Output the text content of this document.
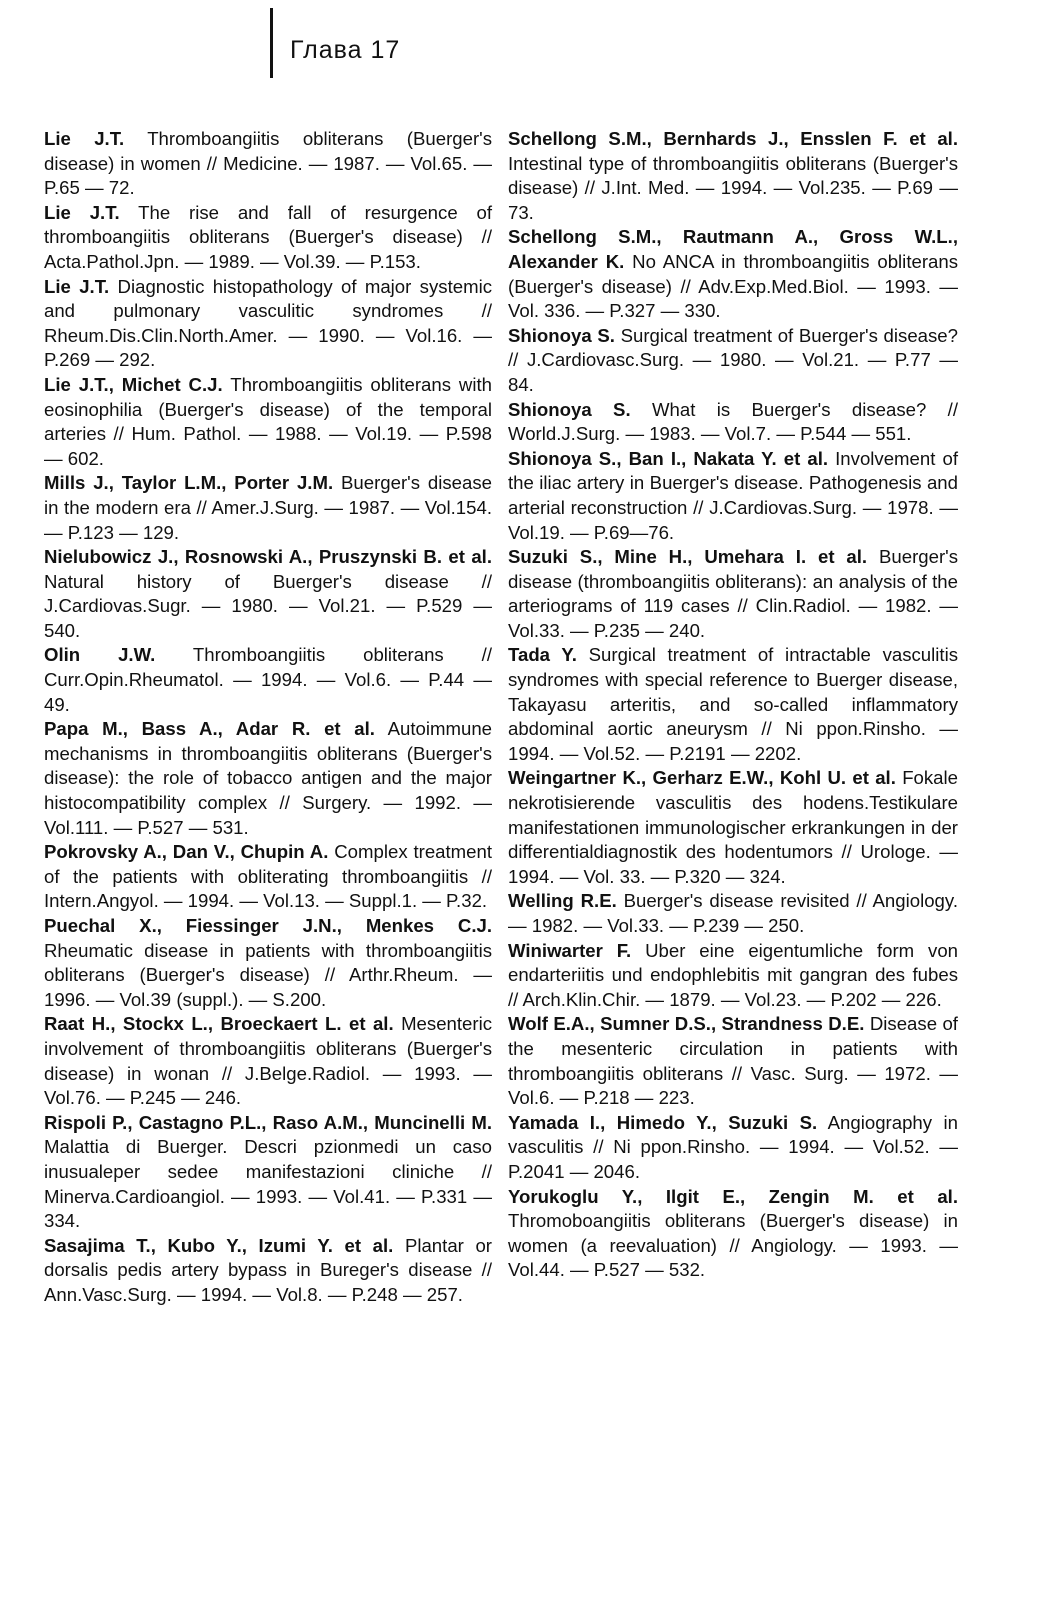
Глава 17

Lie J.T. Thromboangiitis obliterans (Buerger's disease) in women // Medicine. — 1987. — Vol.65. — P.65 — 72.

Lie J.T. The rise and fall of resurgence of thromboangiitis obliterans (Buerger's disease) // Acta.Pathol.Jpn. — 1989. — Vol.39. — P.153.

Lie J.T. Diagnostic histopathology of major systemic and pulmonary vasculitic syndromes // Rheum.Dis.Clin.North.Amer. — 1990. — Vol.16. — P.269 — 292.

Lie J.T., Michet C.J. Thromboangiitis obliterans with eosinophilia (Buerger's disease) of the temporal arteries // Hum. Pathol. — 1988. — Vol.19. — P.598 — 602.

Mills J., Taylor L.M., Porter J.M. Buerger's disease in the modern era // Amer.J.Surg. — 1987. — Vol.154. — P.123 — 129.

Nielubowicz J., Rosnowski A., Pruszynski B. et al. Natural history of Buerger's disease // J.Cardiovas.Sugr. — 1980. — Vol.21. — P.529 — 540.

Olin J.W. Thromboangiitis obliterans // Curr.Opin.Rheumatol. — 1994. — Vol.6. — P.44 — 49.

Papa M., Bass A., Adar R. et al. Autoimmune mechanisms in thromboangiitis obliterans (Buerger's disease): the role of tobacco antigen and the major histocompatibility complex // Surgery. — 1992. — Vol.111. — P.527 — 531.

Pokrovsky A., Dan V., Chupin A. Complex treatment of the patients with obliterating thromboangiitis // Intern.Angyol. — 1994. — Vol.13. — Suppl.1. — P.32.

Puechal X., Fiessinger J.N., Menkes C.J. Rheumatic disease in patients with thromboangiitis obliterans (Buerger's disease) // Arthr.Rheum. — 1996. — Vol.39 (suppl.). — S.200.

Raat H., Stockx L., Broeckaert L. et al. Mesenteric involvement of thromboangiitis obliterans (Buerger's disease) in wonan // J.Belge.Radiol. — 1993. — Vol.76. — P.245 — 246.

Rispoli P., Castagno P.L., Raso A.M., Muncinelli M. Malattia di Buerger. Descri pzionmedi un caso inusualeper sedee manifestazioni cliniche // Minerva.Cardioangiol. — 1993. — Vol.41. — P.331 — 334.

Sasajima T., Kubo Y., Izumi Y. et al. Plantar or dorsalis pedis artery bypass in Bureger's disease // Ann.Vasc.Surg. — 1994. — Vol.8. — P.248 — 257.

Schellong S.M., Bernhards J., Ensslen F. et al. Intestinal type of thromboangiitis obliterans (Buerger's disease) // J.Int. Med. — 1994. — Vol.235. — P.69 — 73.

Schellong S.M., Rautmann A., Gross W.L., Alexander K. No ANCA in thromboangiitis obliterans (Buerger's disease) // Adv.Exp.Med.Biol. — 1993. — Vol. 336. — P.327 — 330.

Shionoya S. Surgical treatment of Buerger's disease? // J.Cardiovasc.Surg. — 1980. — Vol.21. — P.77 — 84.

Shionoya S. What is Buerger's disease? // World.J.Surg. — 1983. — Vol.7. — P.544 — 551.

Shionoya S., Ban I., Nakata Y. et al. Involvement of the iliac artery in Buerger's disease. Pathogenesis and arterial reconstruction // J.Cardiovas.Surg. — 1978. — Vol.19. — P.69—76.

Suzuki S., Mine H., Umehara I. et al. Buerger's disease (thromboangiitis obliterans): an analysis of the arteriograms of 119 cases // Clin.Radiol. — 1982. — Vol.33. — P.235 — 240.

Tada Y. Surgical treatment of intractable vasculitis syndromes with special reference to Buerger disease, Takayasu arteritis, and so-called inflammatory abdominal aortic aneurysm // Ni ppon.Rinsho. — 1994. — Vol.52. — P.2191 — 2202.

Weingartner K., Gerharz E.W., Kohl U. et al. Fokale nekrotisierende vasculitis des hodens.Testikulare manifestationen immunologischer erkrankungen in der differentialdiagnostik des hodentumors // Urologe. — 1994. — Vol. 33. — P.320 — 324.

Welling R.E. Buerger's disease revisited // Angiology. — 1982. — Vol.33. — P.239 — 250.

Winiwarter F. Uber eine eigentumliche form von endarteriitis und endophlebitis mit gangran des fubes // Arch.Klin.Chir. — 1879. — Vol.23. — P.202 — 226.

Wolf E.A., Sumner D.S., Strandness D.E. Disease of the mesenteric circulation in patients with thromboangiitis obliterans // Vasc. Surg. — 1972. — Vol.6. — P.218 — 223.

Yamada I., Himedo Y., Suzuki S. Angiography in vasculitis // Ni ppon.Rinsho. — 1994. — Vol.52. — P.2041 — 2046.

Yorukoglu Y., Ilgit E., Zengin M. et al. Thromoboangiitis obliterans (Buerger's disease) in women (a reevaluation) // Angiology. — 1993. — Vol.44. — P.527 — 532.
